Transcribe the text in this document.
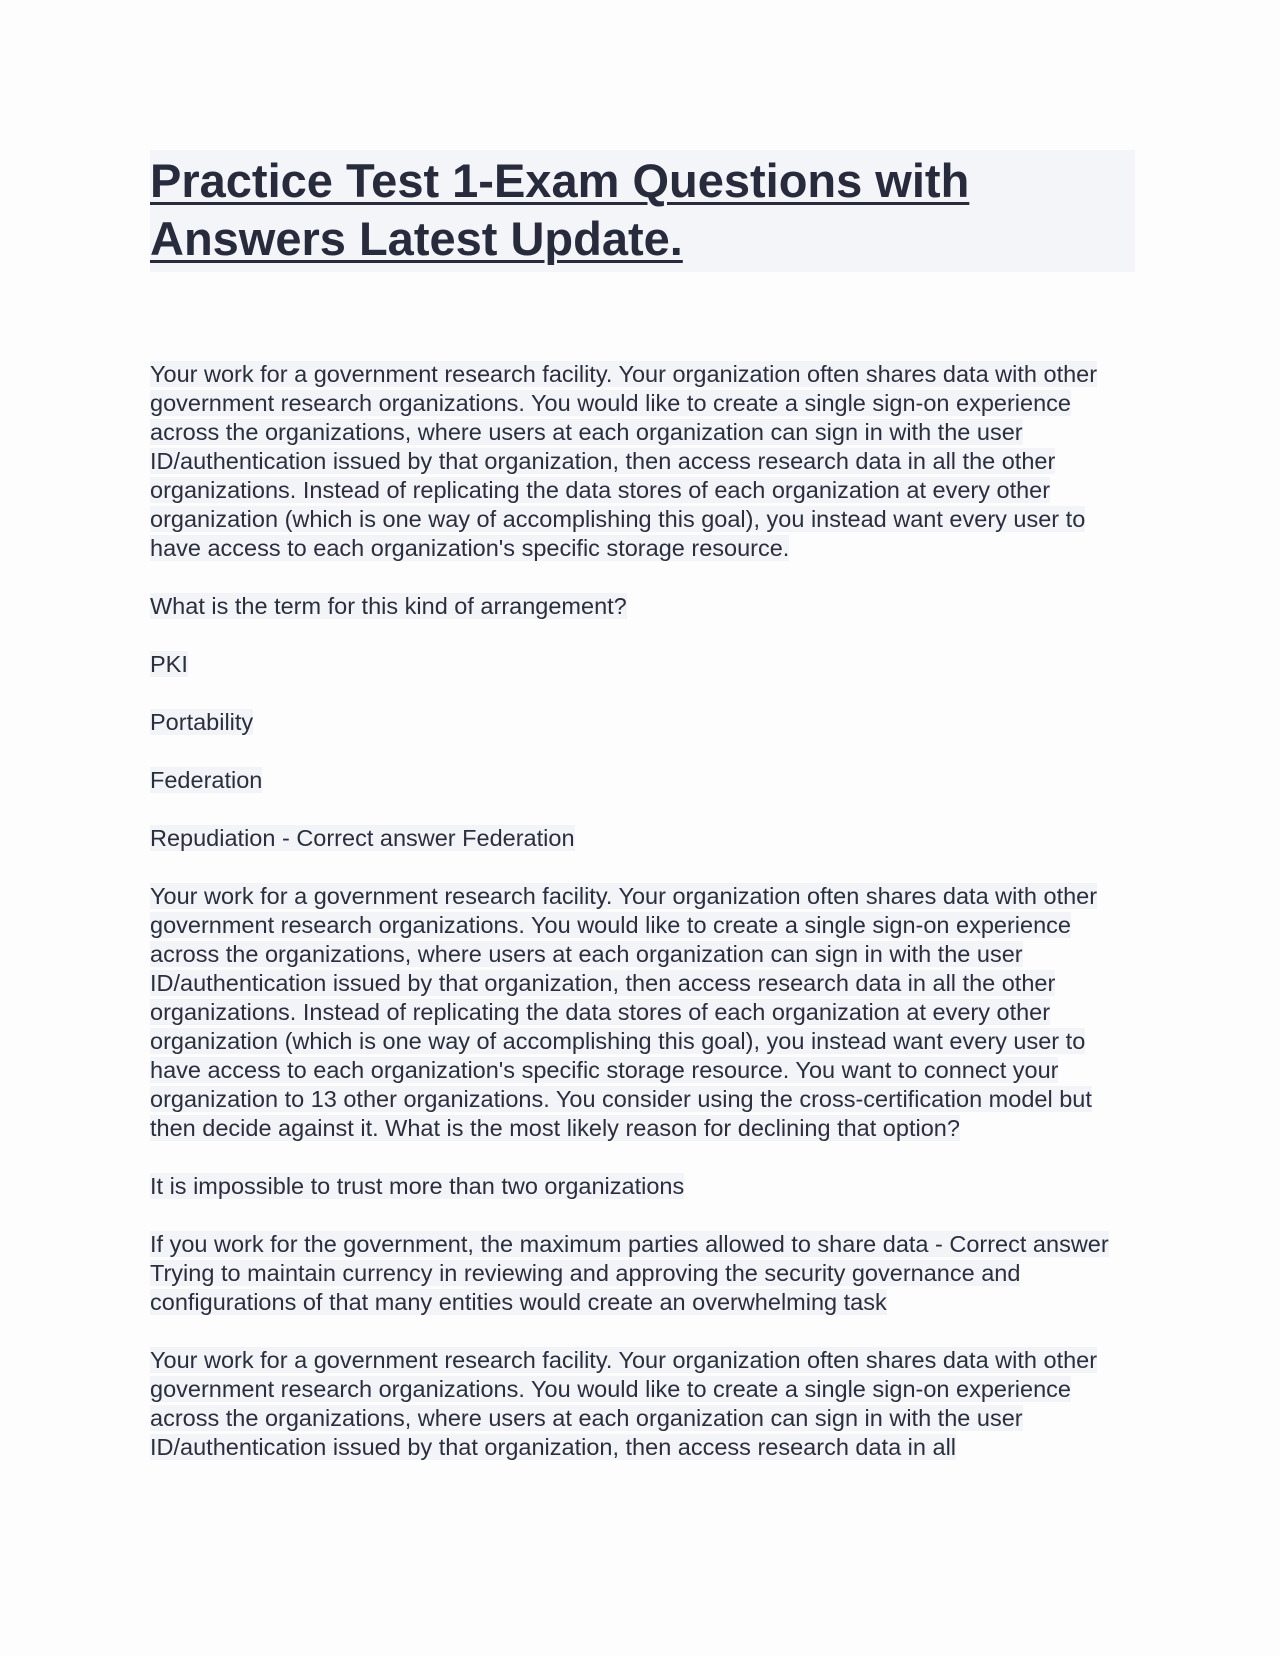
Practice Test 1-Exam Questions with Answers Latest Update.

Your work for a government research facility. Your organization often shares data with other government research organizations. You would like to create a single sign-on experience across the organizations, where users at each organization can sign in with the user ID/authentication issued by that organization, then access research data in all the other organizations. Instead of replicating the data stores of each organization at every other organization (which is one way of accomplishing this goal), you instead want every user to have access to each organization's specific storage resource.

What is the term for this kind of arrangement?

PKI

Portability

Federation

Repudiation - Correct answer Federation

Your work for a government research facility. Your organization often shares data with other government research organizations. You would like to create a single sign-on experience across the organizations, where users at each organization can sign in with the user ID/authentication issued by that organization, then access research data in all the other organizations. Instead of replicating the data stores of each organization at every other organization (which is one way of accomplishing this goal), you instead want every user to have access to each organization's specific storage resource. You want to connect your organization to 13 other organizations. You consider using the cross-certification model but then decide against it. What is the most likely reason for declining that option?

It is impossible to trust more than two organizations

If you work for the government, the maximum parties allowed to share data - Correct answer Trying to maintain currency in reviewing and approving the security governance and configurations of that many entities would create an overwhelming task

Your work for a government research facility. Your organization often shares data with other government research organizations. You would like to create a single sign-on experience across the organizations, where users at each organization can sign in with the user ID/authentication issued by that organization, then access research data in all
